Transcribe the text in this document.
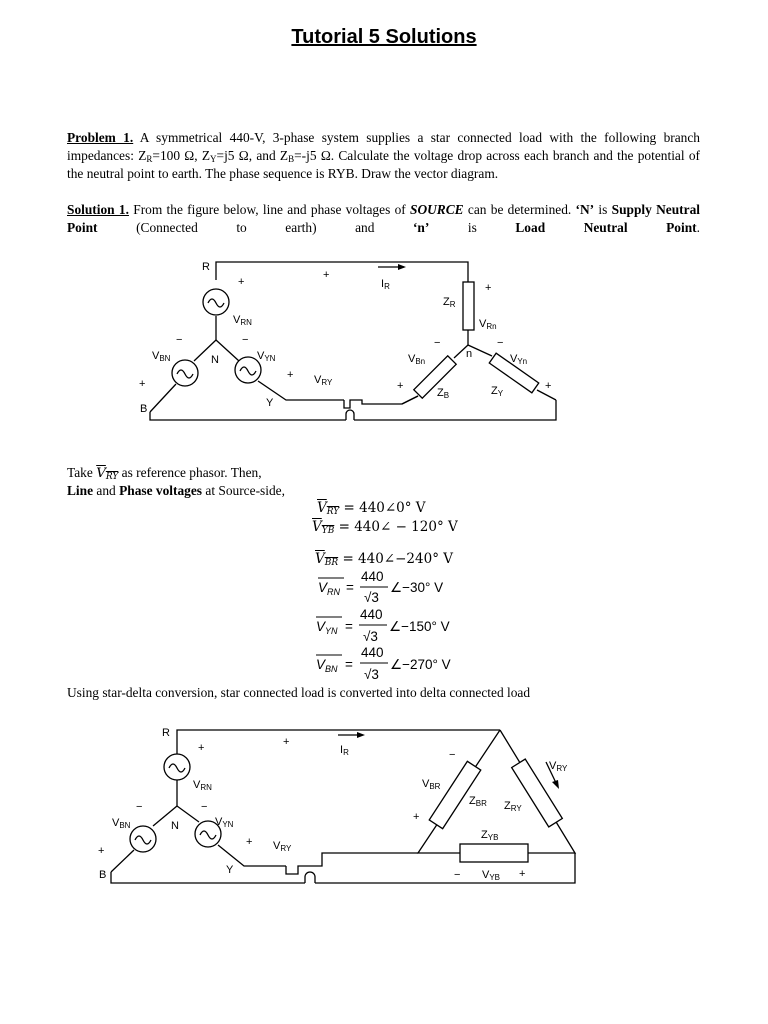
Tutorial 5 Solutions
Problem 1. A symmetrical 440-V, 3-phase system supplies a star connected load with the following branch impedances: $Z_R=100$ Ω, $Z_Y=j5$ Ω, and $Z_B=-j5$ Ω. Calculate the voltage drop across each branch and the potential of the neutral point to earth. The phase sequence is RYB. Draw the vector diagram.
Solution 1. From the figure below, line and phase voltages of SOURCE can be determined. ‘N’ is Supply Neutral Point (Connected to earth) and ‘n’ is Load Neutral Point.
R
+
+
IR
VRN
−	−
VBN	N	VYN
+
+ VRY
B	Y
ZR
+
VRn
−	−
n
VBn	VYn
+	+
ZB	ZY
Take $V_{RY}$ as reference phasor. Then,
Line and Phase voltages at Source-side,
$V_{RY}$ = 440∠0° V
$V_{YB}$ = 440∠ − 120° V
$V_{BR}$ = 440∠−240° V
$V_{RN}$ =
440
√3
∠−30° V
$V_{YN}$ =
440
√3
∠−150° V
$V_{BN}$ =
440
√3
∠−270° V
Using star-delta conversion, star connected load is converted into delta connected load
R
+	+
IR
VRN
−	−
VBN	N	VYN
+
+ VRY
B	Y
−
VBR
ZBR ZRY
VRY
+
ZYB
− VYB +
